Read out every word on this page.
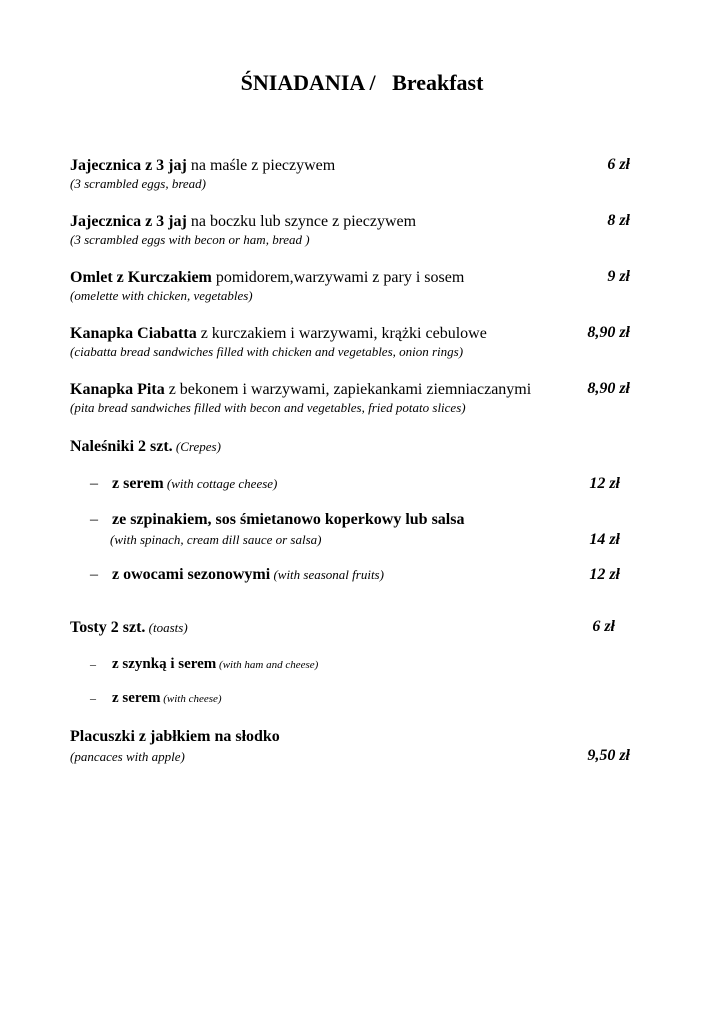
ŚNIADANIA /   Breakfast
Jajecznica z 3 jaj na maśle z pieczywem
(3 scrambled eggs, bread)
6 zł
Jajecznica z 3 jaj na boczku lub szynce z pieczywem
(3 scrambled eggs with becon or ham, bread )
8 zł
Omlet z Kurczakiem pomidorem,warzywami z pary i sosem
(omelette with chicken, vegetables)
9 zł
Kanapka Ciabatta z kurczakiem i warzywami, krążki cebulowe
(ciabatta bread sandwiches filled with chicken and vegetables, onion rings)
8,90 zł
Kanapka Pita z bekonem i warzywami, zapiekankami ziemniaczanymi
(pita bread sandwiches filled with becon and vegetables, fried potato slices)
8,90 zł
Naleśniki 2 szt. (Crepes)
– z serem (with cottage cheese)	12 zł
– ze szpinakiem, sos śmietanowo koperkowy lub salsa
(with spinach, cream dill sauce or salsa)	14 zł
– z owocami sezonowymi (with seasonal fruits)	12 zł
Tosty 2 szt. (toasts)	6 zł
– z szynką i serem (with ham and cheese)
– z serem (with cheese)
Placuszki z jabłkiem na słodko
(pancaces with apple)	9,50 zł
